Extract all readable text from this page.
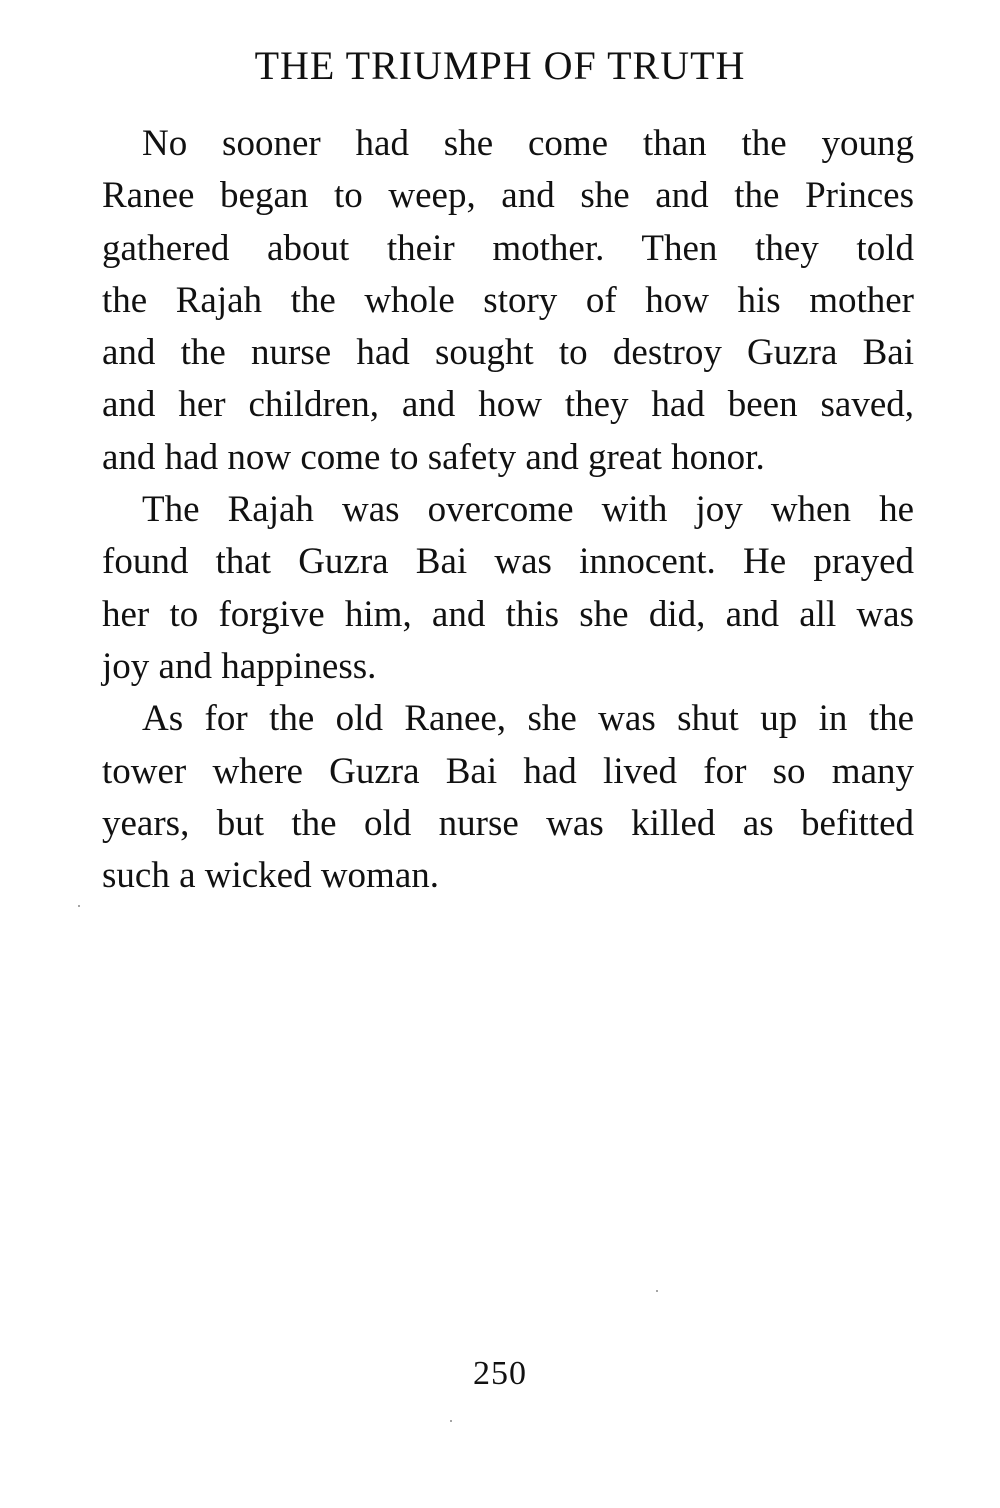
THE TRIUMPH OF TRUTH
No sooner had she come than the young
Ranee began to weep, and she and the Princes
gathered about their mother. Then they told
the Rajah the whole story of how his mother
and the nurse had sought to destroy Guzra Bai
and her children, and how they had been saved,
and had now come to safety and great honor.
The Rajah was overcome with joy when he
found that Guzra Bai was innocent. He prayed
her to forgive him, and this she did, and all was
joy and happiness.
As for the old Ranee, she was shut up in the
tower where Guzra Bai had lived for so many
years, but the old nurse was killed as befitted
such a wicked woman.
250
